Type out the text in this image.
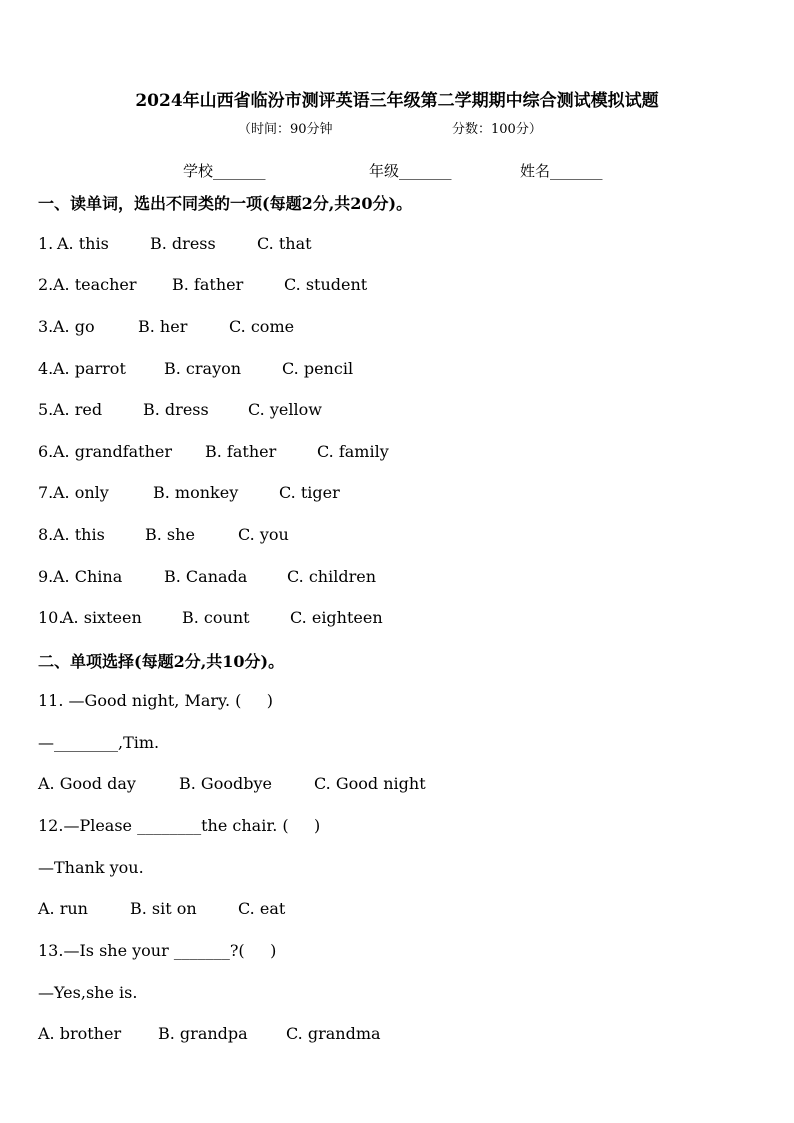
2024年山西省临汾市测评英语三年级第二学期期中综合测试模拟试题
（时间：90分钟	分数：100分）
学校_______	年级_______	姓名_______
一、读单词，选出不同类的一项(每题2分,共20分)。
1. A. this	B. dress	C. that
2. A. teacher B. father	C. student
3. A. go	B. her	C. come
4. A. parrot B. crayon	C. pencil
5. A. red	B. dress C. yellow
6. A. grandfather B. father	C. family
7. A. only	B. monkey	C. tiger
8. A. this	B. she	C. you
9. A. China	B. Canada C. children
10.
A. sixteen	B. count	C. eighteen
二、单项选择(每题2分,共10分)。
11. —Good night, Mary. (     )
—________,Tim.
A. Good day	B. Goodbye	C. Good night
12.—Please ________the chair. (     )
—Thank you.
A. run	B. sit on	C. eat
13.—Is she your _______?(     )
—Yes,she is.
A. brother B. grandpa C. grandma
